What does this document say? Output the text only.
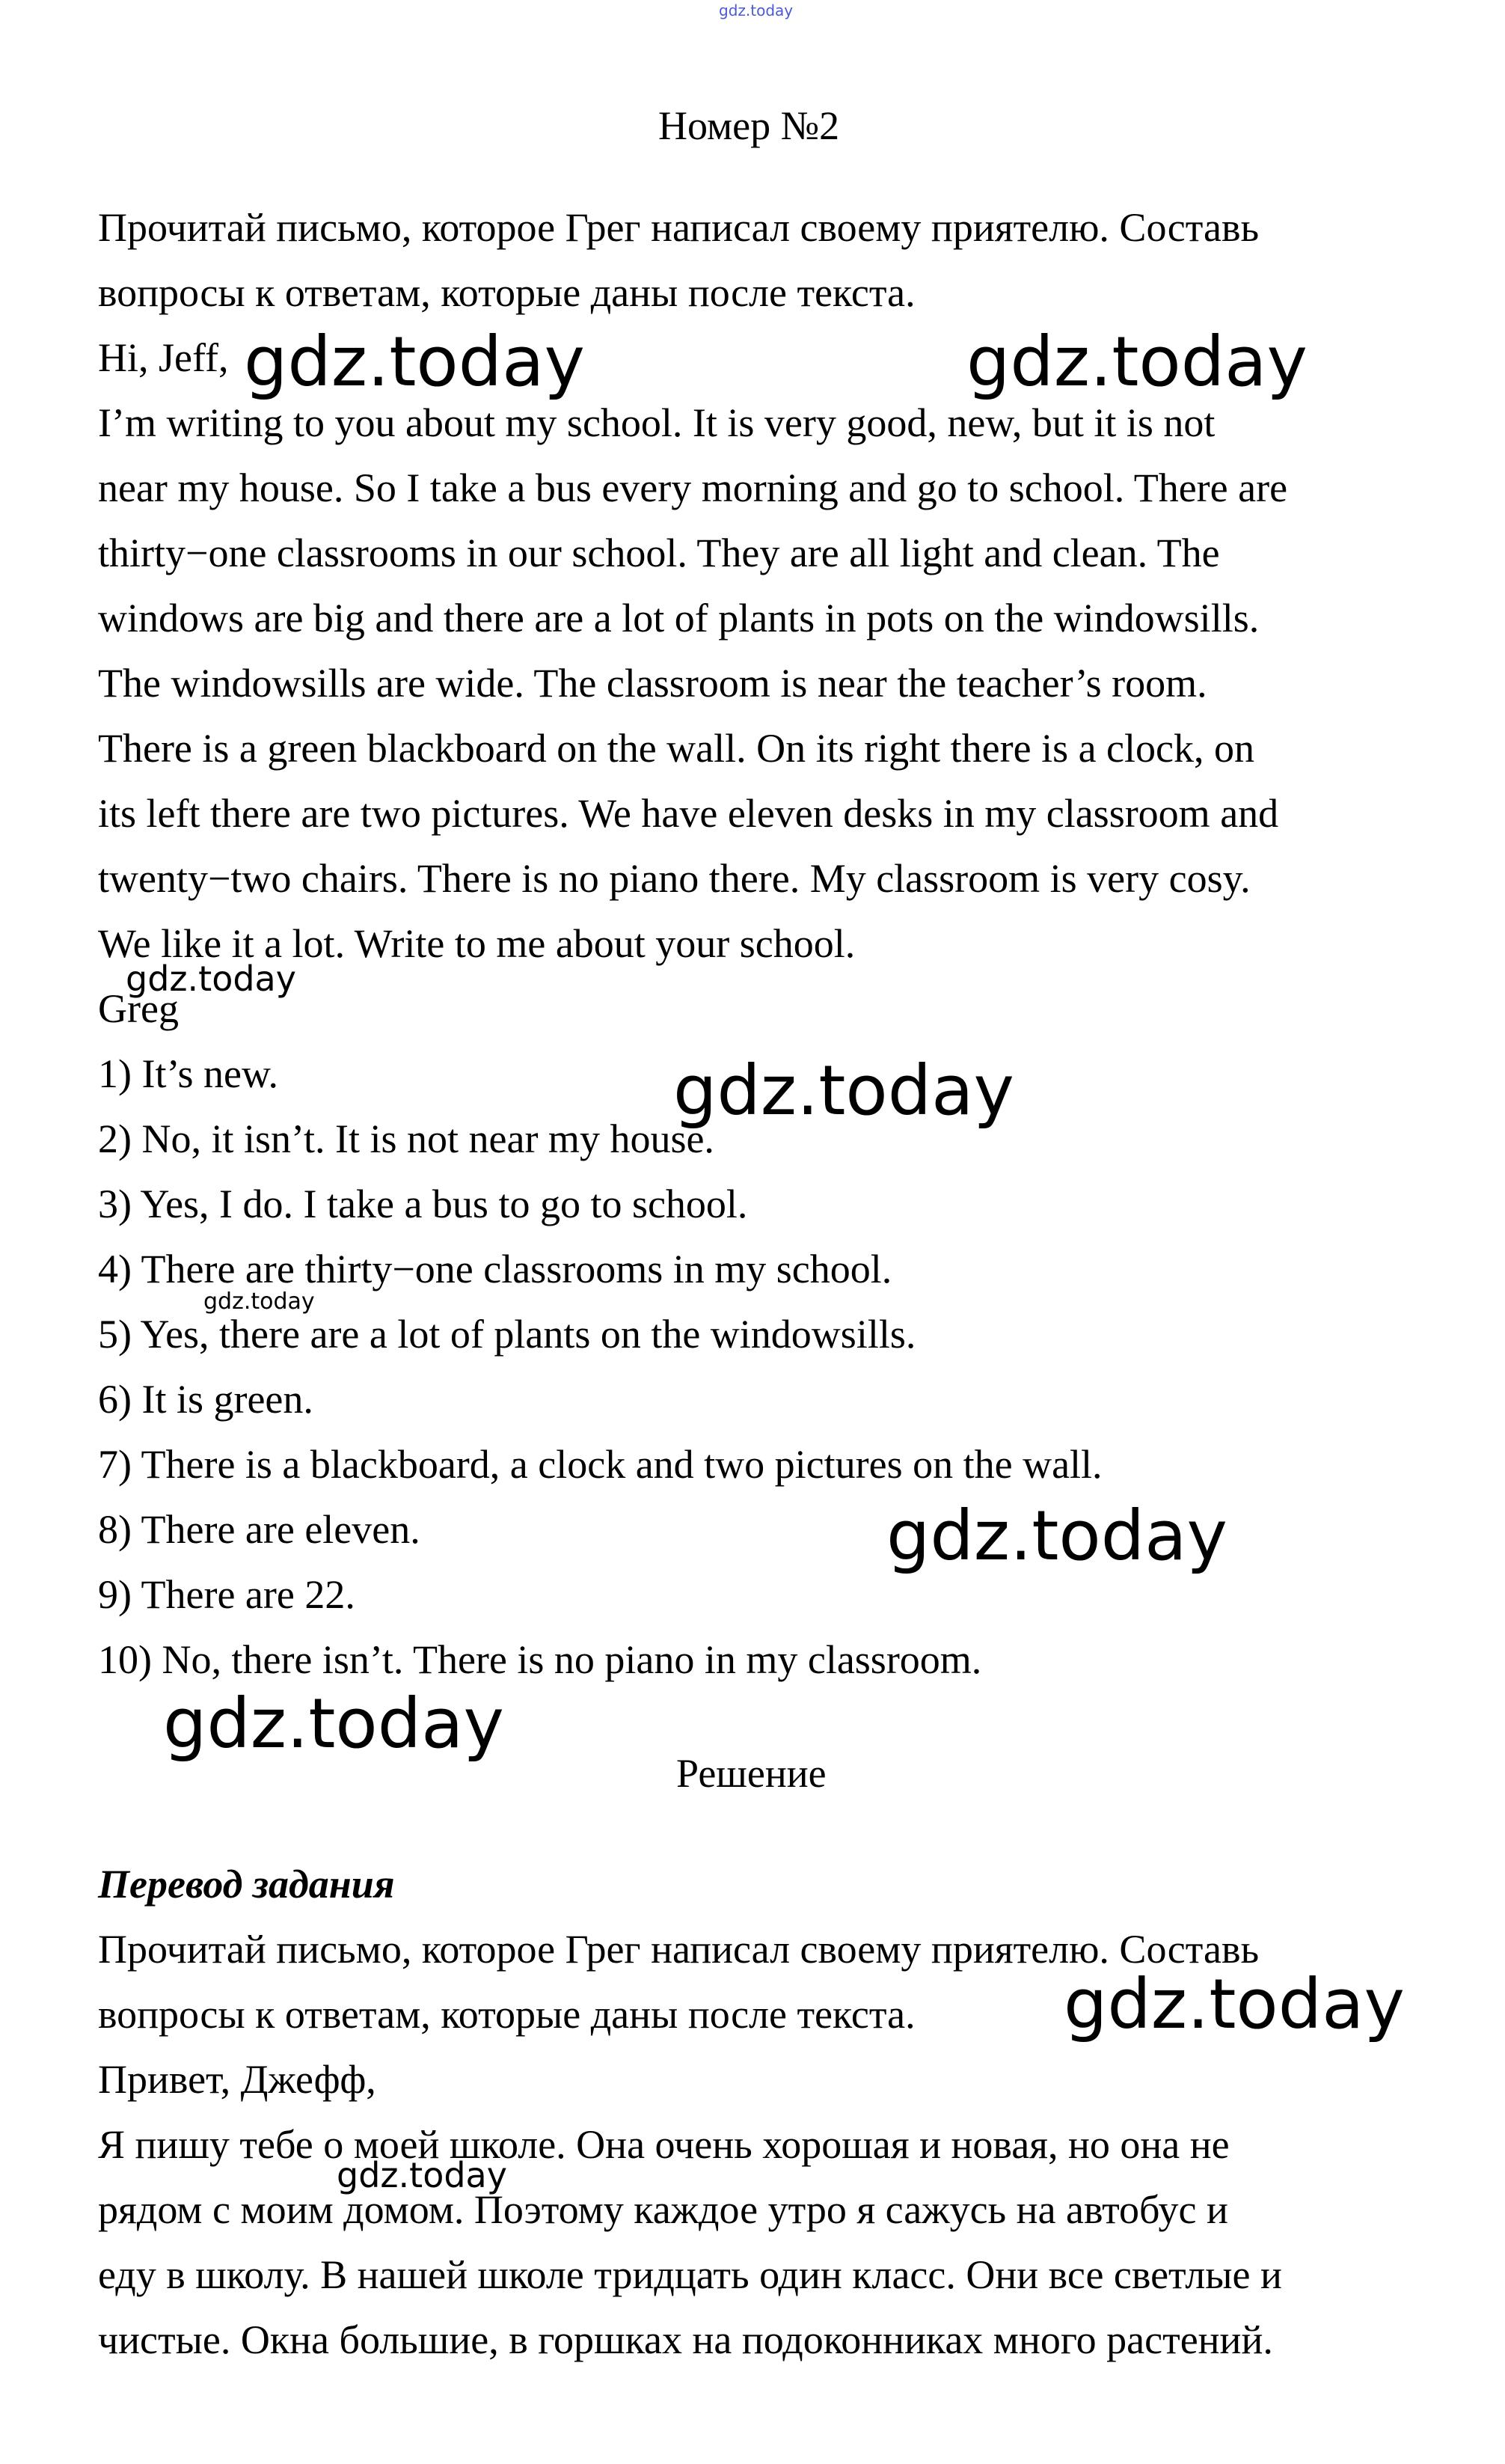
gdz.today

Номер №2

Прочитай письмо, которое Грег написал своему приятелю. Составь

вопросы к ответам, которые даны после текста.

Hi, Jeff,

I’m writing to you about my school. It is very good, new, but it is not

near my house. So I take a bus every morning and go to school. There are

thirty−one classrooms in our school. They are all light and clean. The

windows are big and there are a lot of plants in pots on the windowsills.

The windowsills are wide. The classroom is near the teacher’s room.

There is a green blackboard on the wall. On its right there is a clock, on

its left there are two pictures. We have eleven desks in my classroom and

twenty−two chairs. There is no piano there. My classroom is very cosy.

We like it a lot. Write to me about your school.

Greg

1) It’s new.

2) No, it isn’t. It is not near my house.

3) Yes, I do. I take a bus to go to school.

4) There are thirty−one classrooms in my school.

5) Yes, there are a lot of plants on the windowsills.

6) It is green.

7) There is a blackboard, a clock and two pictures on the wall.

8) There are eleven.

9) There are 22.

10) No, there isn’t. There is no piano in my classroom.

Решение

Перевод задания

Прочитай письмо, которое Грег написал своему приятелю. Составь

вопросы к ответам, которые даны после текста.

Привет, Джефф,

Я пишу тебе о моей школе. Она очень хорошая и новая, но она не

рядом с моим домом. Поэтому каждое утро я сажусь на автобус и

еду в школу. В нашей школе тридцать один класс. Они все светлые и

чистые. Окна большие, в горшках на подоконниках много растений.

gdz.today	gdz.today
gdz.today
gdz.today
gdz.today
gdz.today
gdz.today
gdz.today
gdz.today
